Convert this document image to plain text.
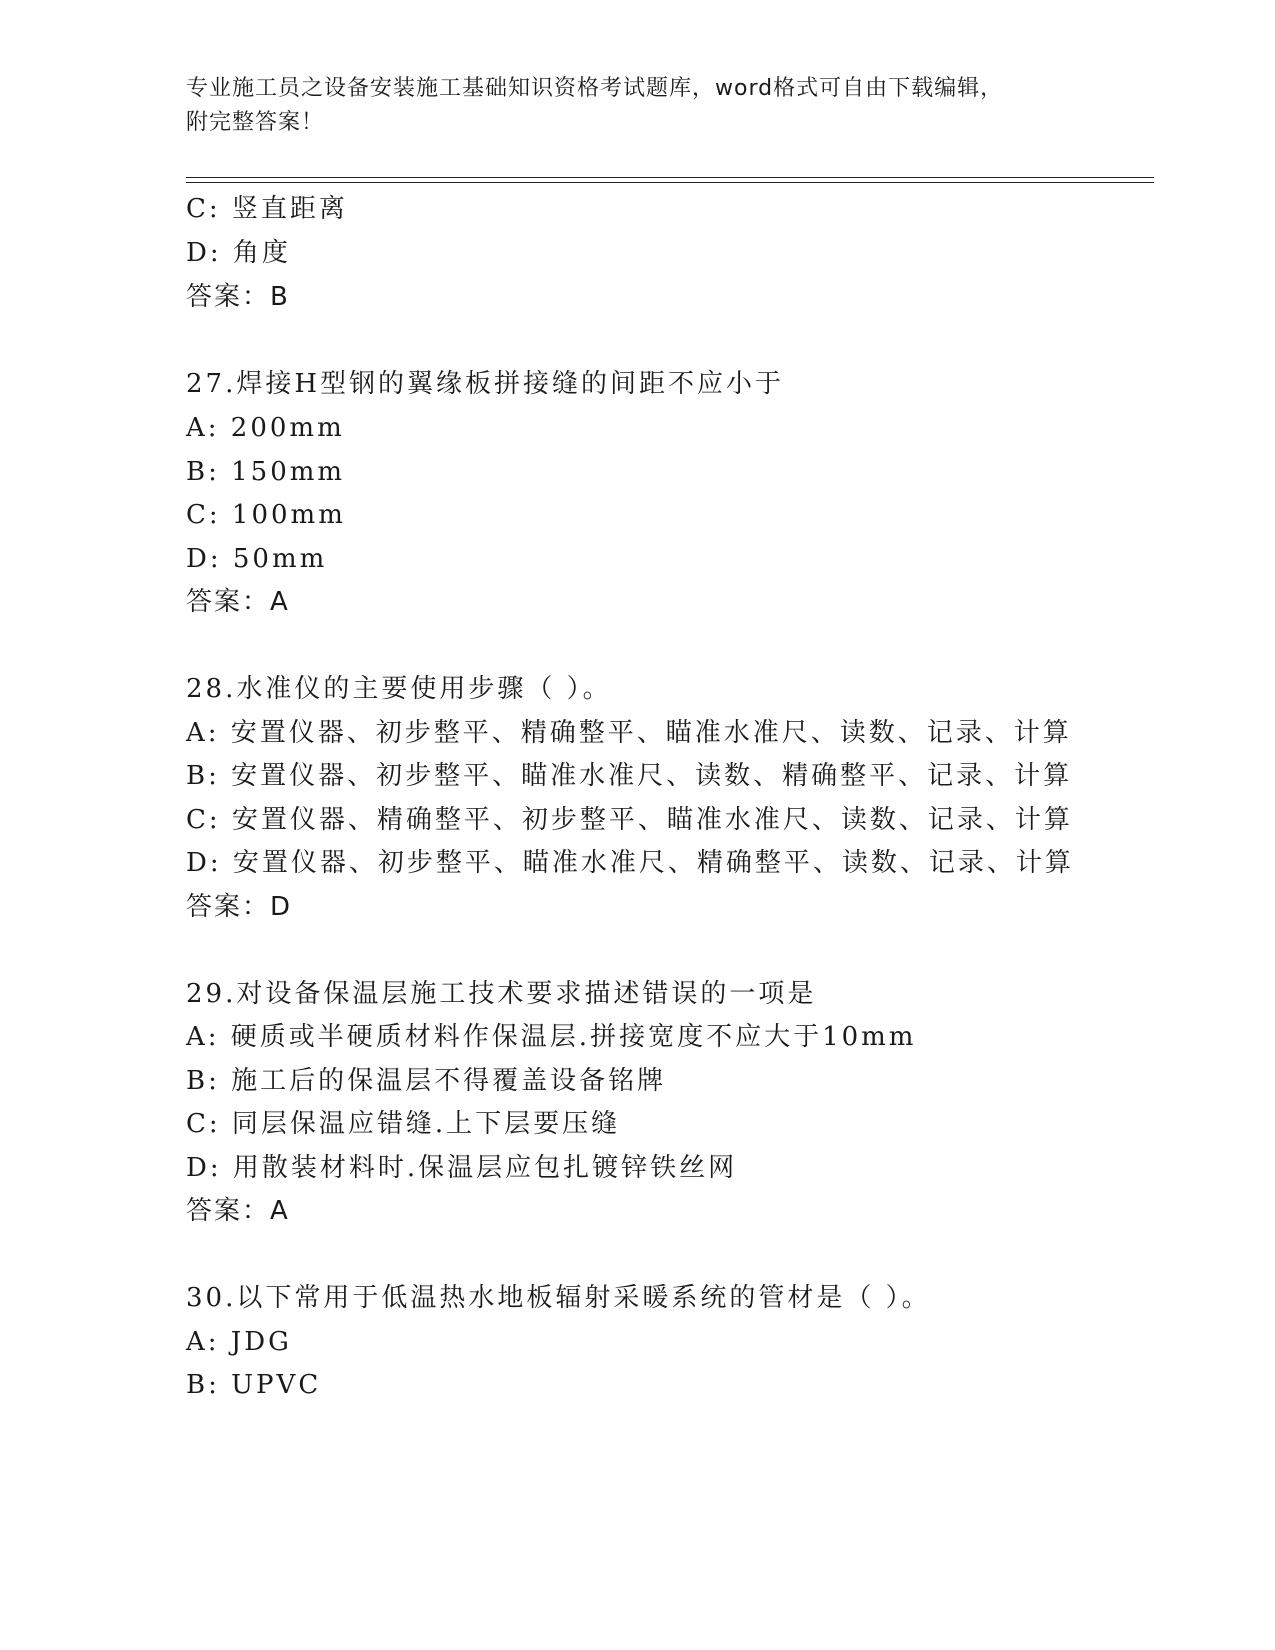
专业施工员之设备安装施工基础知识资格考试题库，word格式可自由下载编辑，
附完整答案！
C: 竖直距离
D: 角度
答案：B
27.焊接H型钢的翼缘板拼接缝的间距不应小于
A: 200mm
B: 150mm
C: 100mm
D: 50mm
答案：A
28.水准仪的主要使用步骤（ ）。
A: 安置仪器、初步整平、精确整平、瞄准水准尺、读数、记录、计算
B: 安置仪器、初步整平、瞄准水准尺、读数、精确整平、记录、计算
C: 安置仪器、精确整平、初步整平、瞄准水准尺、读数、记录、计算
D: 安置仪器、初步整平、瞄准水准尺、精确整平、读数、记录、计算
答案：D
29.对设备保温层施工技术要求描述错误的一项是
A: 硬质或半硬质材料作保温层.拼接宽度不应大于10mm
B: 施工后的保温层不得覆盖设备铭牌
C: 同层保温应错缝.上下层要压缝
D: 用散装材料时.保温层应包扎镀锌铁丝网
答案：A
30.以下常用于低温热水地板辐射采暖系统的管材是（ ）。
A: JDG
B: UPVC
